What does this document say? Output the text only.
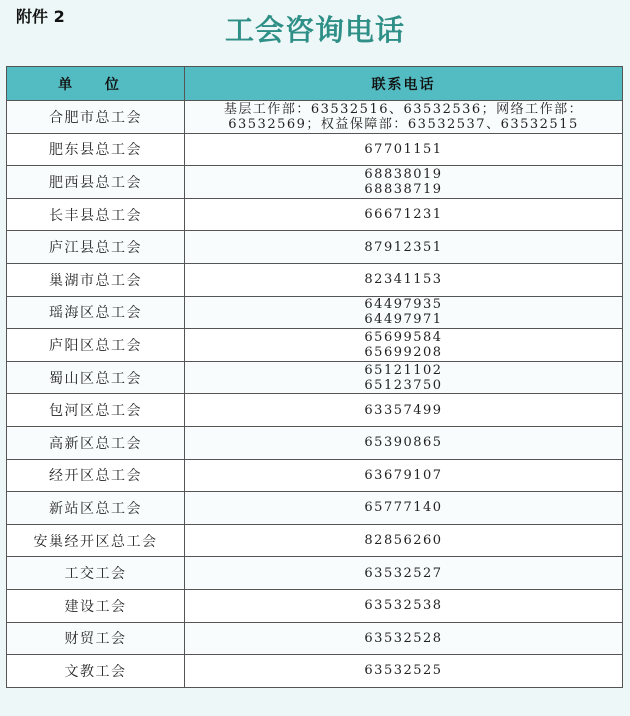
附件 2	工会咨询电话
单 位	联系电话
合肥市总工会	基层工作部：63532516、63532536；网络工作部：
63532569；权益保障部：63532537、63532515

肥东县总工会	67701151

肥西县总工会	68838019
68838719

长丰县总工会	66671231

庐江县总工会	87912351

巢湖市总工会	82341153

瑶海区总工会	64497935
64497971

庐阳区总工会	65699584
65699208

蜀山区总工会	65121102
65123750

包河区总工会	63357499

高新区总工会	65390865

经开区总工会	63679107

新站区总工会	65777140

安巢经开区总工会	82856260

工交工会	63532527

建设工会	63532538

财贸工会	63532528

文教工会	63532525
